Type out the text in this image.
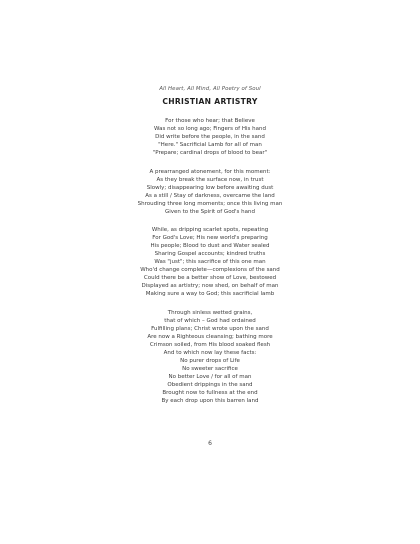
All Heart, All Mind, All Poetry of Soul
CHRISTIAN ARTISTRY
For those who hear; that Believe
Was not so long ago; Fingers of His hand
Did write before the people, in the sand
"Here." Sacrificial Lamb for all of man
"Prepare; cardinal drops of blood to bear"
A prearranged atonement, for this moment:
As they break the surface now, in trust
Slowly; disappearing low before awaiting dust
As a still / Stay of darkness, overcame the land
Shrouding three long moments; once this living man
Given to the Spirit of God's hand
While, as dripping scarlet spots, repeating
For God's Love; His new world's preparing
His people; Blood to dust and Water sealed
Sharing Gospel accounts; kindred truths
Was "just"; this sacrifice of this one man
Who'd change complete—complexions of the sand
Could there be a better show of Love, bestowed
Displayed as artistry; now shed, on behalf of man
Making sure a way to God; this sacrificial lamb
Through sinless wetted grains,
that of which – God had ordained
Fulfilling plans; Christ wrote upon the sand
Are now a Righteous cleansing; bathing more
Crimson soiled, from His blood soaked flesh
And to which now lay these facts:
No purer drops of Life
No sweeter sacrifice
No better Love / for all of man
Obedient drippings in the sand
Brought now to fullness at the end
By each drop upon this barren land
6
